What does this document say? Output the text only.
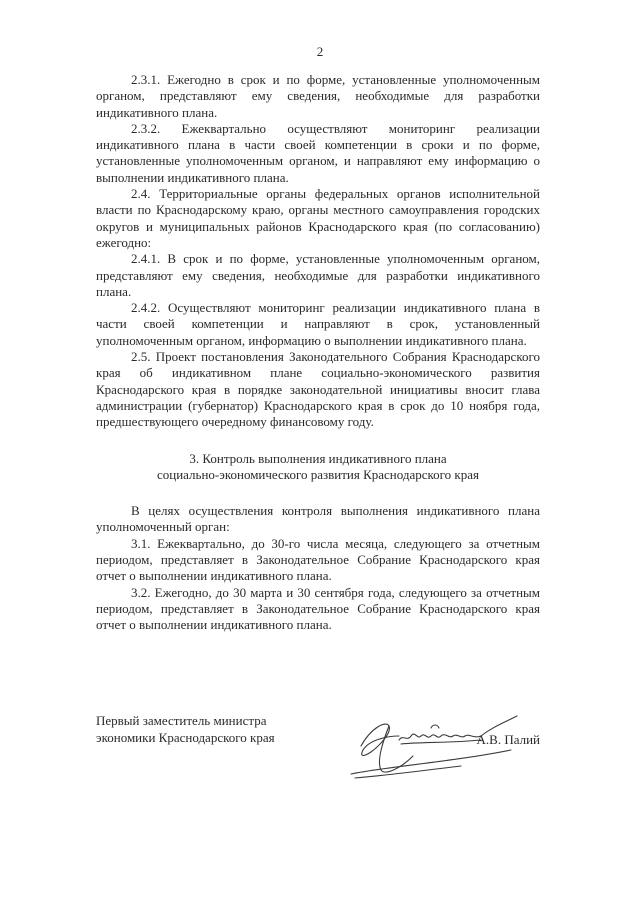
2

2.3.1. Ежегодно в срок и по форме, установленные уполномоченным органом, представляют ему сведения, необходимые для разработки индикативного плана.

2.3.2. Ежеквартально осуществляют мониторинг реализации индикативного плана в части своей компетенции в сроки и по форме, установленные уполномоченным органом, и направляют ему информацию о выполнении индикативного плана.

2.4. Территориальные органы федеральных органов исполнительной власти по Краснодарскому краю, органы местного самоуправления городских округов и муниципальных районов Краснодарского края (по согласованию) ежегодно:

2.4.1. В срок и по форме, установленные уполномоченным органом, представляют ему сведения, необходимые для разработки индикативного плана.

2.4.2. Осуществляют мониторинг реализации индикативного плана в части своей компетенции и направляют в срок, установленный уполномоченным органом, информацию о выполнении индикативного плана.

2.5. Проект постановления Законодательного Собрания Краснодарского края об индикативном плане социально-экономического развития Краснодарского края в порядке законодательной инициативы вносит глава администрации (губернатор) Краснодарского края в срок до 10 ноября года, предшествующего очередному финансовому году.

3. Контроль выполнения индикативного плана
социально-экономического развития Краснодарского края

В целях осуществления контроля выполнения индикативного плана уполномоченный орган:

3.1. Ежеквартально, до 30-го числа месяца, следующего за отчетным периодом, представляет в Законодательное Собрание Краснодарского края отчет о выполнении индикативного плана.

3.2. Ежегодно, до 30 марта и 30 сентября года, следующего за отчетным периодом, представляет в Законодательное Собрание Краснодарского края отчет о выполнении индикативного плана.

Первый заместитель министра
экономики Краснодарского края	А.В. Палий
